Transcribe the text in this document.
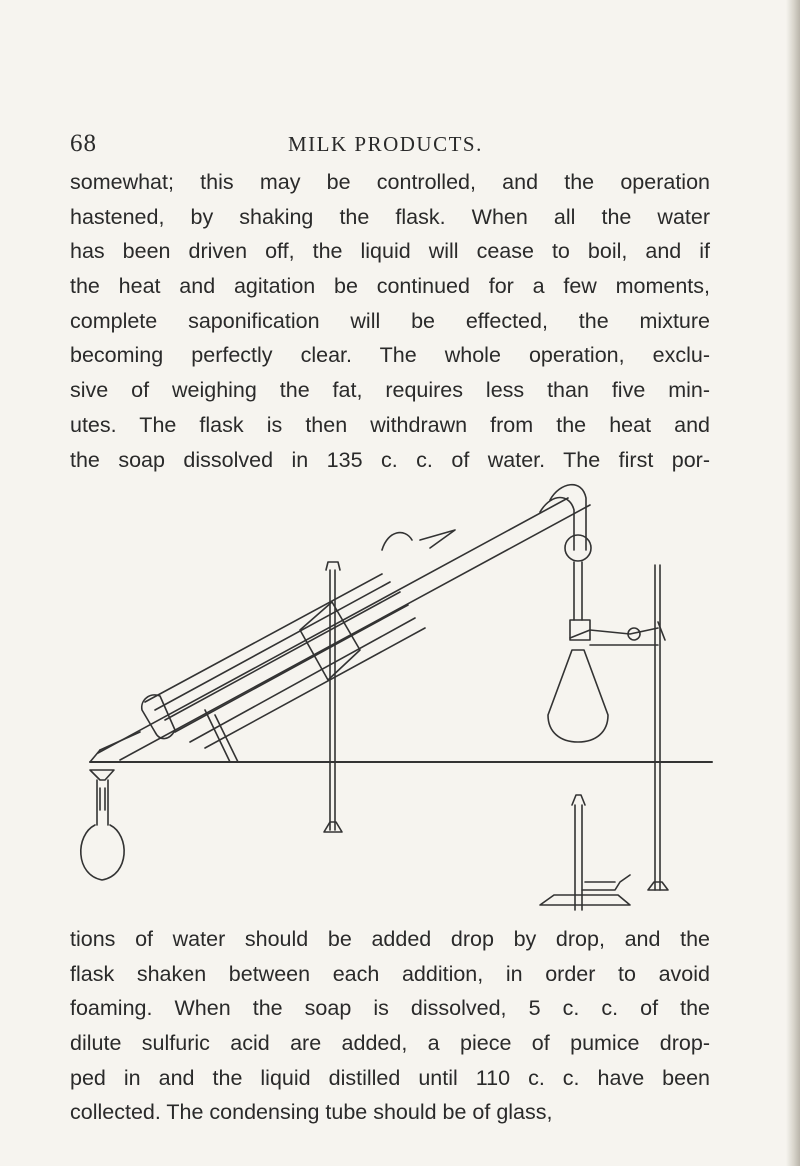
68	MILK PRODUCTS.
somewhat; this may be controlled, and the operation
hastened, by shaking the flask. When all the water
has been driven off, the liquid will cease to boil, and if
the heat and agitation be continued for a few moments,
complete saponification will be effected, the mixture
becoming perfectly clear. The whole operation, exclu-
sive of weighing the fat, requires less than five min-
utes. The flask is then withdrawn from the heat and
the soap dissolved in 135 c. c. of water. The first por-
tions of water should be added drop by drop, and the
flask shaken between each addition, in order to avoid
foaming. When the soap is dissolved, 5 c. c. of the
dilute sulfuric acid are added, a piece of pumice drop-
ped in and the liquid distilled until 110 c. c. have been
collected. The condensing tube should be of glass,
